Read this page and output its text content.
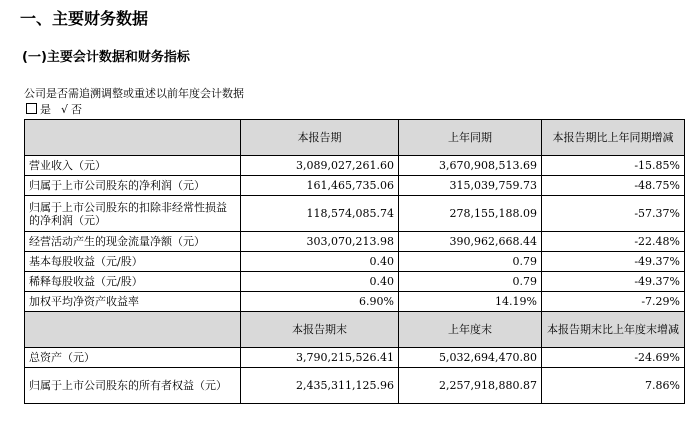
一、主要财务数据
(一)主要会计数据和财务指标
公司是否需追溯调整或重述以前年度会计数据
是 √ 否
	本报告期	上年同期	本报告期比上年同期增减
营业收入（元）	3,089,027,261.60	3,670,908,513.69	-15.85%
归属于上市公司股东的净利润（元）	161,465,735.06	315,039,759.73	-48.75%
归属于上市公司股东的扣除非经常性损益的净利润（元）	118,574,085.74	278,155,188.09	-57.37%
经营活动产生的现金流量净额（元）	303,070,213.98	390,962,668.44	-22.48%
基本每股收益（元/股）	0.40	0.79	-49.37%
稀释每股收益（元/股）	0.40	0.79	-49.37%
加权平均净资产收益率	6.90%	14.19%	-7.29%
	本报告期末	上年度末	本报告期末比上年度末增减
总资产（元）	3,790,215,526.41	5,032,694,470.80	-24.69%
归属于上市公司股东的所有者权益（元）	2,435,311,125.96	2,257,918,880.87	7.86%
